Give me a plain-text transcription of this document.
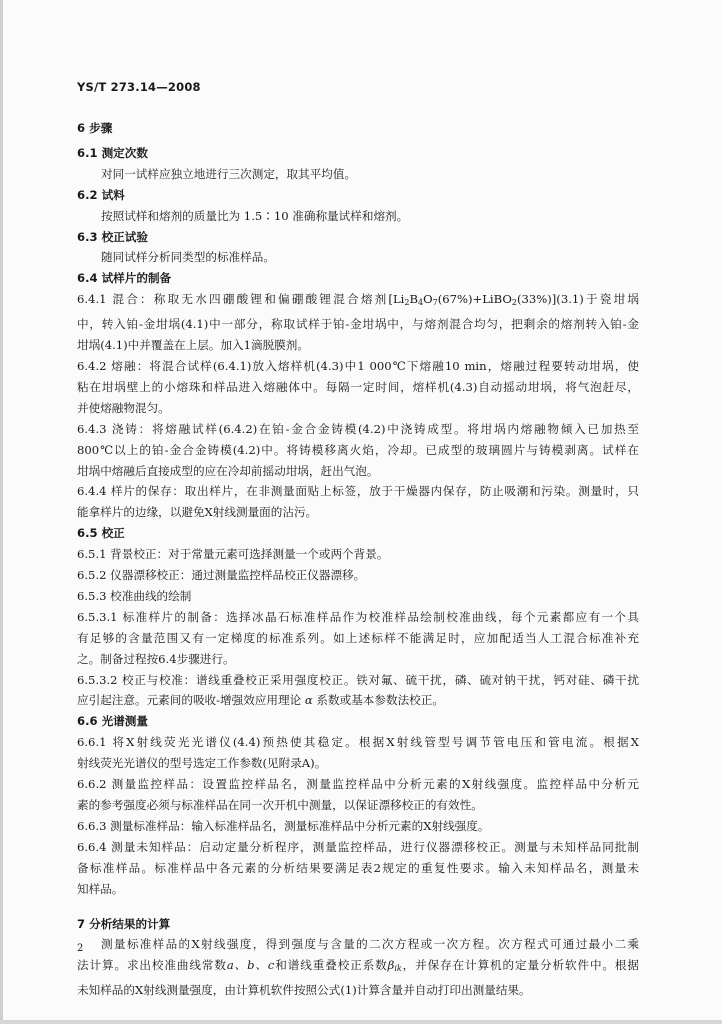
YS/T 273.14—2008
6 步骤
6.1 测定次数
对同一试样应独立地进行三次测定，取其平均值。
6.2 试料
按照试样和熔剂的质量比为 1.5∶10 准确称量试样和熔剂。
6.3 校正试验
随同试样分析同类型的标准样品。
6.4 试样片的制备
6.4.1 混合：称取无水四硼酸锂和偏硼酸锂混合熔剂$[Li_2B_4O_7(67\%)+LiBO_2(33\%)](3.1)$于瓷坩埚
中，转入铂-金坩埚(4.1)中一部分，称取试样于铂-金坩埚中，与熔剂混合均匀，把剩余的熔剂转入铂-金
坩埚(4.1)中并覆盖在上层。加入1滴脱膜剂。
6.4.2 熔融：将混合试样(6.4.1)放入熔样机(4.3)中1 000℃下熔融10 min，熔融过程要转动坩埚，使
粘在坩埚壁上的小熔珠和样品进入熔融体中。每隔一定时间，熔样机(4.3)自动摇动坩埚，将气泡赶尽，
并使熔融物混匀。
6.4.3 浇铸：将熔融试样(6.4.2)在铂-金合金铸模(4.2)中浇铸成型。将坩埚内熔融物倾入已加热至
800℃以上的铂-金合金铸模(4.2)中。将铸模移离火焰，冷却。已成型的玻璃圆片与铸模剥离。试样在
坩埚中熔融后直接成型的应在冷却前摇动坩埚，赶出气泡。
6.4.4 样片的保存：取出样片，在非测量面贴上标签，放于干燥器内保存，防止吸潮和污染。测量时，只
能拿样片的边缘，以避免X射线测量面的沾污。
6.5 校正
6.5.1 背景校正：对于常量元素可选择测量一个或两个背景。
6.5.2 仪器漂移校正：通过测量监控样品校正仪器漂移。
6.5.3 校准曲线的绘制
6.5.3.1 标准样片的制备：选择冰晶石标准样品作为校准样品绘制校准曲线，每个元素都应有一个具
有足够的含量范围又有一定梯度的标准系列。如上述标样不能满足时，应加配适当人工混合标准补充
之。制备过程按6.4步骤进行。
6.5.3.2 校正与校准：谱线重叠校正采用强度校正。铁对氟、硫干扰，磷、硫对钠干扰，钙对硅、磷干扰
应引起注意。元素间的吸收-增强效应用理论 α 系数或基本参数法校正。
6.6 光谱测量
6.6.1 将X射线荧光光谱仪(4.4)预热使其稳定。根据X射线管型号调节管电压和管电流。根据X
射线荧光光谱仪的型号选定工作参数(见附录A)。
6.6.2 测量监控样品：设置监控样品名，测量监控样品中分析元素的X射线强度。监控样品中分析元
素的参考强度必须与标准样品在同一次开机中测量，以保证漂移校正的有效性。
6.6.3 测量标准样品：输入标准样品名，测量标准样品中分析元素的X射线强度。
6.6.4 测量未知样品：启动定量分析程序，测量监控样品，进行仪器漂移校正。测量与未知样品同批制
备标准样品。标准样品中各元素的分析结果要满足表2规定的重复性要求。输入未知样品名，测量未
知样品。
7 分析结果的计算
测量标准样品的X射线强度，得到强度与含量的二次方程或一次方程。次方程式可通过最小二乘
法计算。求出校准曲线常数a、b、c和谱线重叠校正系数$\beta_{ik}$，并保存在计算机的定量分析软件中。根据
未知样品的X射线测量强度，由计算机软件按照公式(1)计算含量并自动打印出测量结果。
2
